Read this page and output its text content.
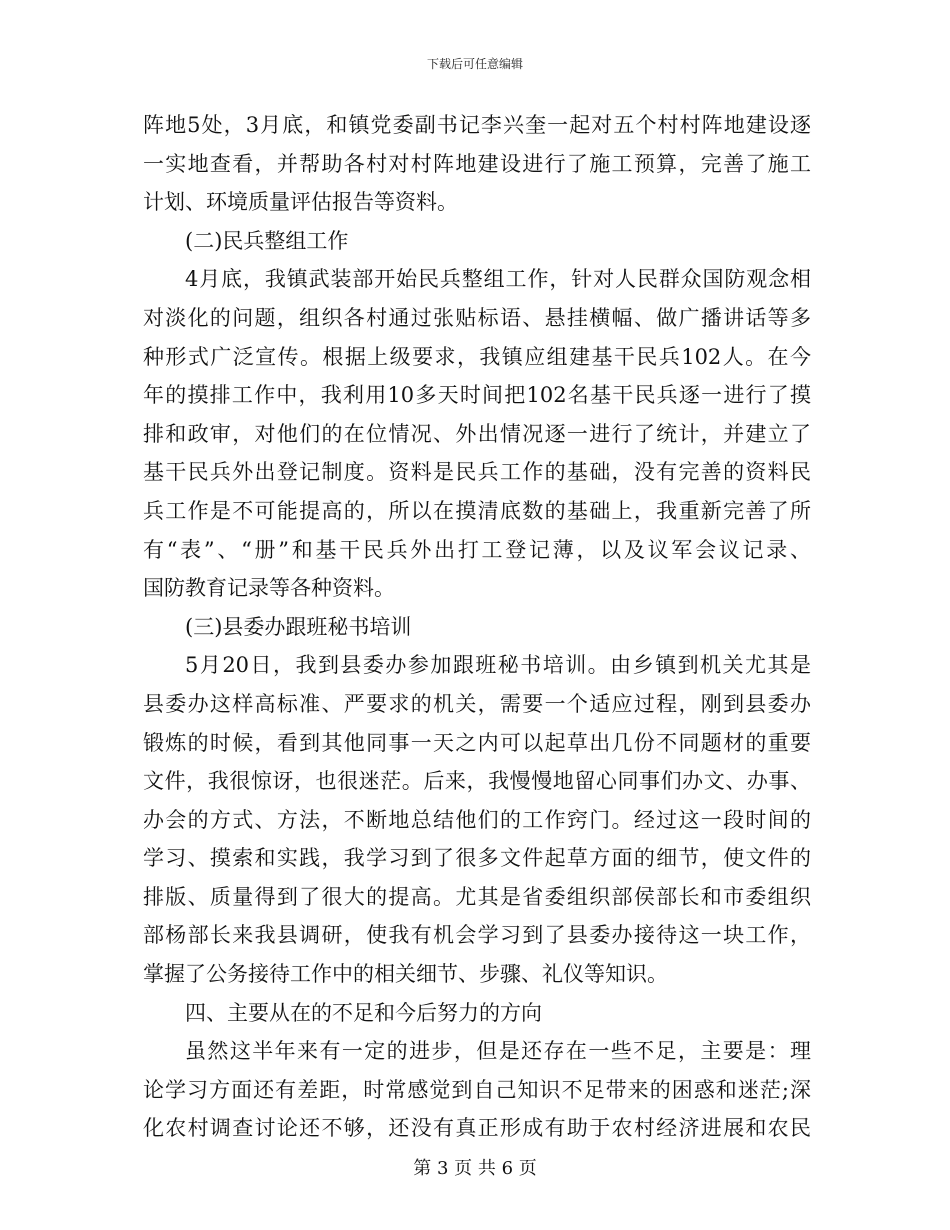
下载后可任意编辑
阵地5处，3月底，和镇党委副书记李兴奎一起对五个村村阵地建设逐
一实地查看，并帮助各村对村阵地建设进行了施工预算，完善了施工
计划、环境质量评估报告等资料。
(二)民兵整组工作
4月底，我镇武装部开始民兵整组工作，针对人民群众国防观念相
对淡化的问题，组织各村通过张贴标语、悬挂横幅、做广播讲话等多
种形式广泛宣传。根据上级要求，我镇应组建基干民兵102人。在今
年的摸排工作中，我利用10多天时间把102名基干民兵逐一进行了摸
排和政审，对他们的在位情况、外出情况逐一进行了统计，并建立了
基干民兵外出登记制度。资料是民兵工作的基础，没有完善的资料民
兵工作是不可能提高的，所以在摸清底数的基础上，我重新完善了所
有“表”、“册”和基干民兵外出打工登记薄，以及议军会议记录、
国防教育记录等各种资料。
(三)县委办跟班秘书培训
5月20日，我到县委办参加跟班秘书培训。由乡镇到机关尤其是
县委办这样高标准、严要求的机关，需要一个适应过程，刚到县委办
锻炼的时候，看到其他同事一天之内可以起草出几份不同题材的重要
文件，我很惊讶，也很迷茫。后来，我慢慢地留心同事们办文、办事、
办会的方式、方法，不断地总结他们的工作窍门。经过这一段时间的
学习、摸索和实践，我学习到了很多文件起草方面的细节，使文件的
排版、质量得到了很大的提高。尤其是省委组织部侯部长和市委组织
部杨部长来我县调研，使我有机会学习到了县委办接待这一块工作，
掌握了公务接待工作中的相关细节、步骤、礼仪等知识。
四、主要从在的不足和今后努力的方向
虽然这半年来有一定的进步，但是还存在一些不足，主要是：理
论学习方面还有差距，时常感觉到自己知识不足带来的困惑和迷茫;深
化农村调查讨论还不够，还没有真正形成有助于农村经济进展和农民
第 3 页 共 6 页
